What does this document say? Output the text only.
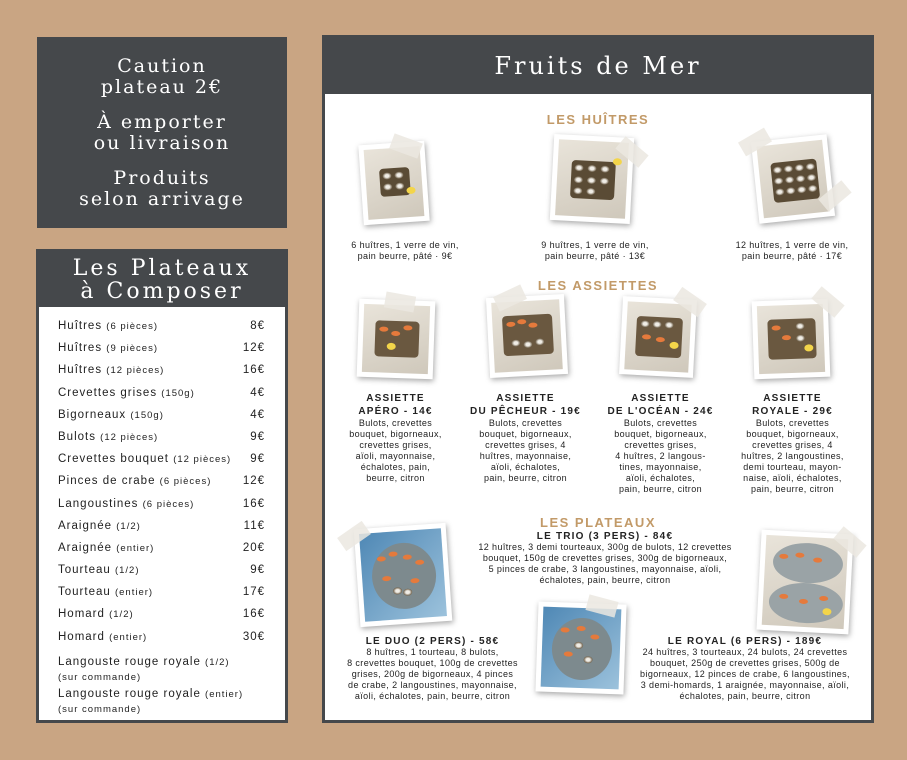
Caution
plateau 2€

À emporter
ou livraison

Produits
selon arrivage

Les Plateaux
à Composer
Huîtres (6 pièces)	8€
Huîtres (9 pièces)	12€
Huîtres (12 pièces)	16€
Crevettes grises (150g)	4€
Bigorneaux (150g)	4€
Bulots (12 pièces)	9€
Crevettes bouquet (12 pièces) 9€
Pinces de crabe (6 pièces)	12€
Langoustines (6 pièces)	16€
Araignée (1/2)	11€
Araignée (entier)	20€
Tourteau (1/2)	9€
Tourteau (entier)	17€
Homard (1/2)	16€
Homard (entier)	30€
Langouste rouge royale (1/2)
(sur commande)
Langouste rouge royale (entier)
(sur commande)
Fruits de Mer
LES HUÎTRES
6 huîtres, 1 verre de vin,
pain beurre, pâté · 9€
9 huîtres, 1 verre de vin,
pain beurre, pâté · 13€
12 huîtres, 1 verre de vin,
pain beurre, pâté · 17€
LES ASSIETTES
ASSIETTE
APÉRO - 14€
Bulots, crevettes
bouquet, bigorneaux,
crevettes grises,
aïoli, mayonnaise,
échalotes, pain,
beurre, citron
ASSIETTE
DU PÊCHEUR - 19€
Bulots, crevettes
bouquet, bigorneaux,
crevettes grises, 4
huîtres, mayonnaise,
aïoli, échalotes,
pain, beurre, citron
ASSIETTE
DE L'OCÉAN - 24€
Bulots, crevettes
bouquet, bigorneaux,
crevettes grises,
4 huîtres, 2 langous-
tines, mayonnaise,
aïoli, échalotes,
pain, beurre, citron
ASSIETTE
ROYALE - 29€
Bulots, crevettes
bouquet, bigorneaux,
crevettes grises, 4
huîtres, 2 langoustines,
demi tourteau, mayon-
naise, aïoli, échalotes,
pain, beurre, citron
LES PLATEAUX
LE TRIO (3 PERS) - 84€
12 huîtres, 3 demi tourteaux, 300g de bulots, 12 crevettes
bouquet, 150g de crevettes grises, 300g de bigorneaux,
5 pinces de crabe, 3 langoustines, mayonnaise, aïoli,
échalotes, pain, beurre, citron
LE DUO (2 PERS) - 58€
8 huîtres, 1 tourteau, 8 bulots,
8 crevettes bouquet, 100g de crevettes
grises, 200g de bigorneaux, 4 pinces
de crabe, 2 langoustines, mayonnaise,
aïoli, échalotes, pain, beurre, citron
LE ROYAL (6 PERS) - 189€
24 huîtres, 3 tourteaux, 24 bulots, 24 crevettes
bouquet, 250g de crevettes grises, 500g de
bigorneaux, 12 pinces de crabe, 6 langoustines,
3 demi-homards, 1 araignée, mayonnaise, aïoli,
échalotes, pain, beurre, citron
